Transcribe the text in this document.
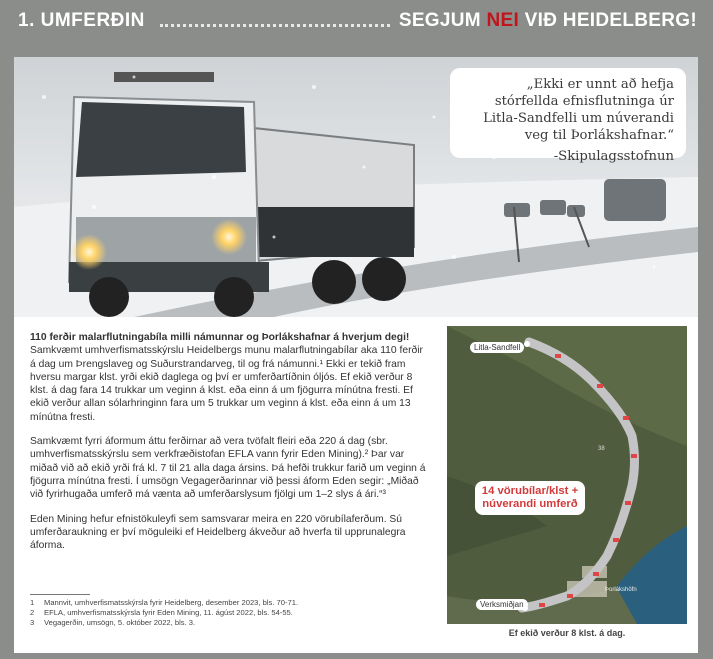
1. UMFERÐIN	SEGJUM NEI VIÐ HEIDELBERG!
„Ekki er unnt að hefja stórfellda efnisflutninga úr Litla-Sandfelli um núverandi veg til Þorlákshafnar.“
-Skipulagsstofnun
110 ferðir malarflutningabíla milli námunnar og Þorlákshafnar á hverjum degi!

Samkvæmt umhverfismatsskýrslu Heidelbergs munu malarflutningabílar aka 110 ferðir á dag um Þrengslaveg og Suðurstrandarveg, til og frá námunni.¹ Ekki er tekið fram hversu margar klst. yrði ekið daglega og því er umferðartíðnin óljós. Ef ekið verður 8 klst. á dag fara 14 trukkar um veginn á klst. eða einn á um fjögurra mínútna fresti. Ef ekið verður allan sólarhringinn fara um 5 trukkar um veginn á klst. eða einn á um 13 mínútna fresti.

Samkvæmt fyrri áformum áttu ferðirnar að vera tvöfalt fleiri eða 220 á dag (sbr. umhverfismatsskýrslu sem verkfræðistofan EFLA vann fyrir Eden Mining).² Þar var miðað við að ekið yrði frá kl. 7 til 21 alla daga ársins. Þá hefði trukkur farið um veginn á fjögurra mínútna fresti. Í umsögn Vegagerðarinnar við þessi áform Eden segir: „Miðað við fyrirhugaða umferð má vænta að umferðarslysum fjölgi um 1–2 slys á ári.“³

Eden Mining hefur efnistökuleyfi sem samsvarar meira en 220 vörubílaferðum. Sú umferðaraukning er því möguleiki ef Heidelberg ákveður að hverfa til upprunalegra áforma.

1	Mannvit, umhverfismatsskýrsla fyrir Heidelberg, desember 2023, bls. 70-71.
2	EFLA, umhverfismatsskýrsla fyrir Eden Mining, 11. ágúst 2022, bls. 54-55.
3	Vegagerðin, umsögn, 5. október 2022, bls. 3.
Litla-Sandfell
Verksmiðjan
38
Þorlákshöfn
14 vörubílar/klst + núverandi umferð
Ef ekið verður 8 klst. á dag.
